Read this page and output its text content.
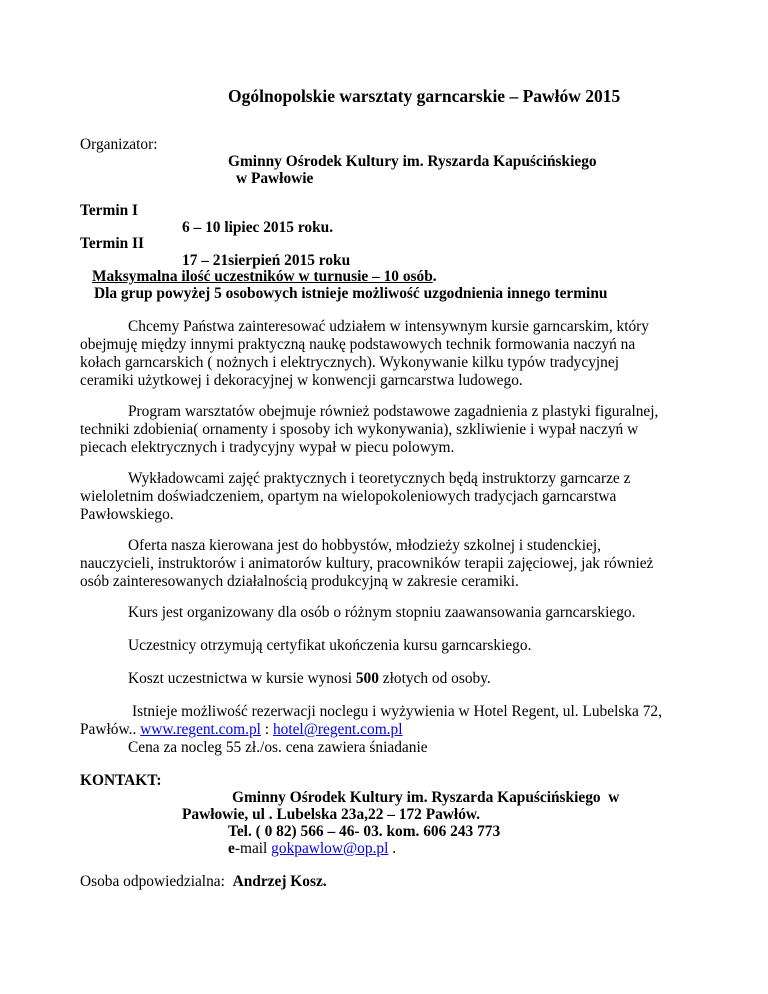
Ogólnopolskie warsztaty garncarskie – Pawłów 2015
Organizator:
Gminny Ośrodek Kultury im. Ryszarda Kapuścińskiego
w Pawłowie
Termin I
6 – 10 lipiec 2015 roku.
Termin II
17 – 21sierpień 2015 roku
Maksymalna ilość uczestników w turnusie – 10 osób.
Dla grup powyżej 5 osobowych istnieje możliwość uzgodnienia innego terminu
Chcemy Państwa zainteresować udziałem w intensywnym kursie garncarskim, który
obejmuję między innymi praktyczną naukę podstawowych technik formowania naczyń na
kołach garncarskich ( nożnych i elektrycznych). Wykonywanie kilku typów tradycyjnej
ceramiki użytkowej i dekoracyjnej w konwencji garncarstwa ludowego.
Program warsztatów obejmuje również podstawowe zagadnienia z plastyki figuralnej,
techniki zdobienia( ornamenty i sposoby ich wykonywania), szkliwienie i wypał naczyń w
piecach elektrycznych i tradycyjny wypał w piecu polowym.
Wykładowcami zajęć praktycznych i teoretycznych będą instruktorzy garncarze z
wieloletnim doświadczeniem, opartym na wielopokoleniowych tradycjach garncarstwa
Pawłowskiego.
Oferta nasza kierowana jest do hobbystów, młodzieży szkolnej i studenckiej,
nauczycieli, instruktorów i animatorów kultury, pracowników terapii zajęciowej, jak również
osób zainteresowanych działalnością produkcyjną w zakresie ceramiki.
Kurs jest organizowany dla osób o różnym stopniu zaawansowania garncarskiego.
Uczestnicy otrzymują certyfikat ukończenia kursu garncarskiego.
Koszt uczestnictwa w kursie wynosi 500 złotych od osoby.
Istnieje możliwość rezerwacji noclegu i wyżywienia w Hotel Regent, ul. Lubelska 72,
Pawłów.. www.regent.com.pl : hotel@regent.com.pl
Cena za nocleg 55 zł./os. cena zawiera śniadanie
KONTAKT:
Gminny Ośrodek Kultury im. Ryszarda Kapuścińskiego  w
Pawłowie, ul . Lubelska 23a,22 – 172 Pawłów.
Tel. ( 0 82) 566 – 46- 03. kom. 606 243 773
e-mail gokpawlow@op.pl .
Osoba odpowiedzialna:  Andrzej Kosz.
